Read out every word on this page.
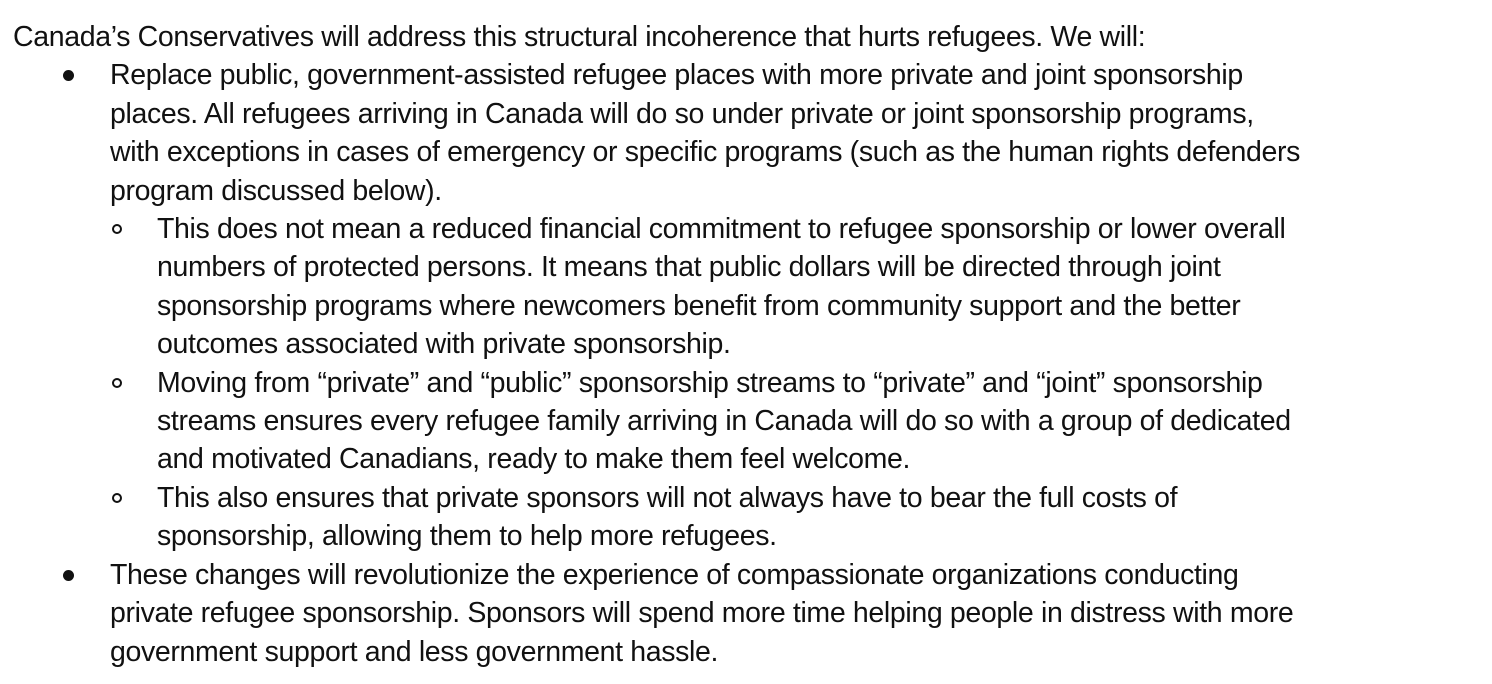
Canada’s Conservatives will address this structural incoherence that hurts refugees. We will:

Replace public, government-assisted refugee places with more private and joint sponsorship
places. All refugees arriving in Canada will do so under private or joint sponsorship programs,
with exceptions in cases of emergency or specific programs (such as the human rights defenders
program discussed below).
This does not mean a reduced financial commitment to refugee sponsorship or lower overall
numbers of protected persons. It means that public dollars will be directed through joint
sponsorship programs where newcomers benefit from community support and the better
outcomes associated with private sponsorship.
Moving from “private” and “public” sponsorship streams to “private” and “joint” sponsorship
streams ensures every refugee family arriving in Canada will do so with a group of dedicated
and motivated Canadians, ready to make them feel welcome.
This also ensures that private sponsors will not always have to bear the full costs of
sponsorship, allowing them to help more refugees.
These changes will revolutionize the experience of compassionate organizations conducting
private refugee sponsorship. Sponsors will spend more time helping people in distress with more
government support and less government hassle.
